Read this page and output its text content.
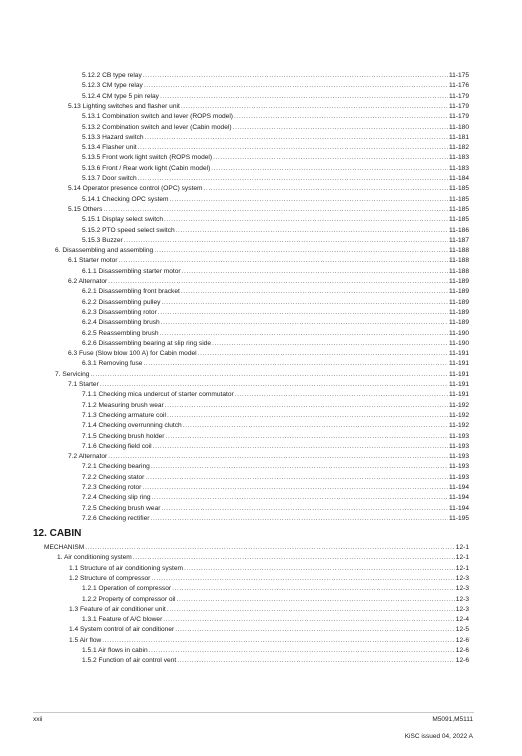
5.12.2 CB type relay .....	11-175
5.12.3 CM type relay .....	11-176
5.12.4 CM type 5 pin relay .....	11-179
5.13 Lighting switches and flasher unit .....	11-179
5.13.1 Combination switch and lever (ROPS model) .....	11-179
5.13.2 Combination switch and lever (Cabin model) .....	11-180
5.13.3 Hazard switch .....	11-181
5.13.4 Flasher unit .....	11-182
5.13.5 Front work light switch (ROPS model) .....	11-183
5.13.6 Front / Rear work light (Cabin model) .....	11-183
5.13.7 Door switch .....	11-184
5.14 Operator presence control (OPC) system .....	11-185
5.14.1 Checking OPC system .....	11-185
5.15 Others .....	11-185
5.15.1 Display select switch .....	11-185
5.15.2 PTO speed select switch .....	11-186
5.15.3 Buzzer .....	11-187
6. Disassembling and assembling .....	11-188
6.1 Starter motor .....	11-188
6.1.1 Disassembling starter motor .....	11-188
6.2 Alternator .....	11-189
6.2.1 Disassembling front bracket .....	11-189
6.2.2 Disassembling pulley .....	11-189
6.2.3 Disassembling rotor .....	11-189
6.2.4 Disassembling brush .....	11-189
6.2.5 Reassembling brush .....	11-190
6.2.6 Disassembling bearing at slip ring side .....	11-190
6.3 Fuse (Slow blow 100 A) for Cabin model .....	11-191
6.3.1 Removing fuse .....	11-191
7. Servicing .....	11-191
7.1 Starter .....	11-191
7.1.1 Checking mica undercut of starter commutator .....	11-191
7.1.2 Measuring brush wear .....	11-192
7.1.3 Checking armature coil .....	11-192
7.1.4 Checking overrunning clutch .....	11-192
7.1.5 Checking brush holder .....	11-193
7.1.6 Checking field coil .....	11-193
7.2 Alternator .....	11-193
7.2.1 Checking bearing .....	11-193
7.2.2 Checking stator .....	11-193
7.2.3 Checking rotor .....	11-194
7.2.4 Checking slip ring .....	11-194
7.2.5 Checking brush wear .....	11-194
7.2.6 Checking rectifier .....	11-195
MECHANISM .....	12-1
1. Air conditioning system .....	12-1
1.1 Structure of air conditioning system .....	12-1
1.2 Structure of compressor .....	12-3
1.2.1 Operation of compressor .....	12-3
1.2.2 Property of compressor oil .....	12-3
1.3 Feature of air conditioner unit .....	12-3
1.3.1 Feature of A/C blower .....	12-4
1.4 System control of air conditioner .....	12-5
1.5 Air flow .....	12-6
1.5.1 Air flows in cabin .....	12-6
1.5.2 Function of air control vent .....	12-6
12. CABIN
xxii	M5091,M5111
KiSC issued 04, 2022 A
